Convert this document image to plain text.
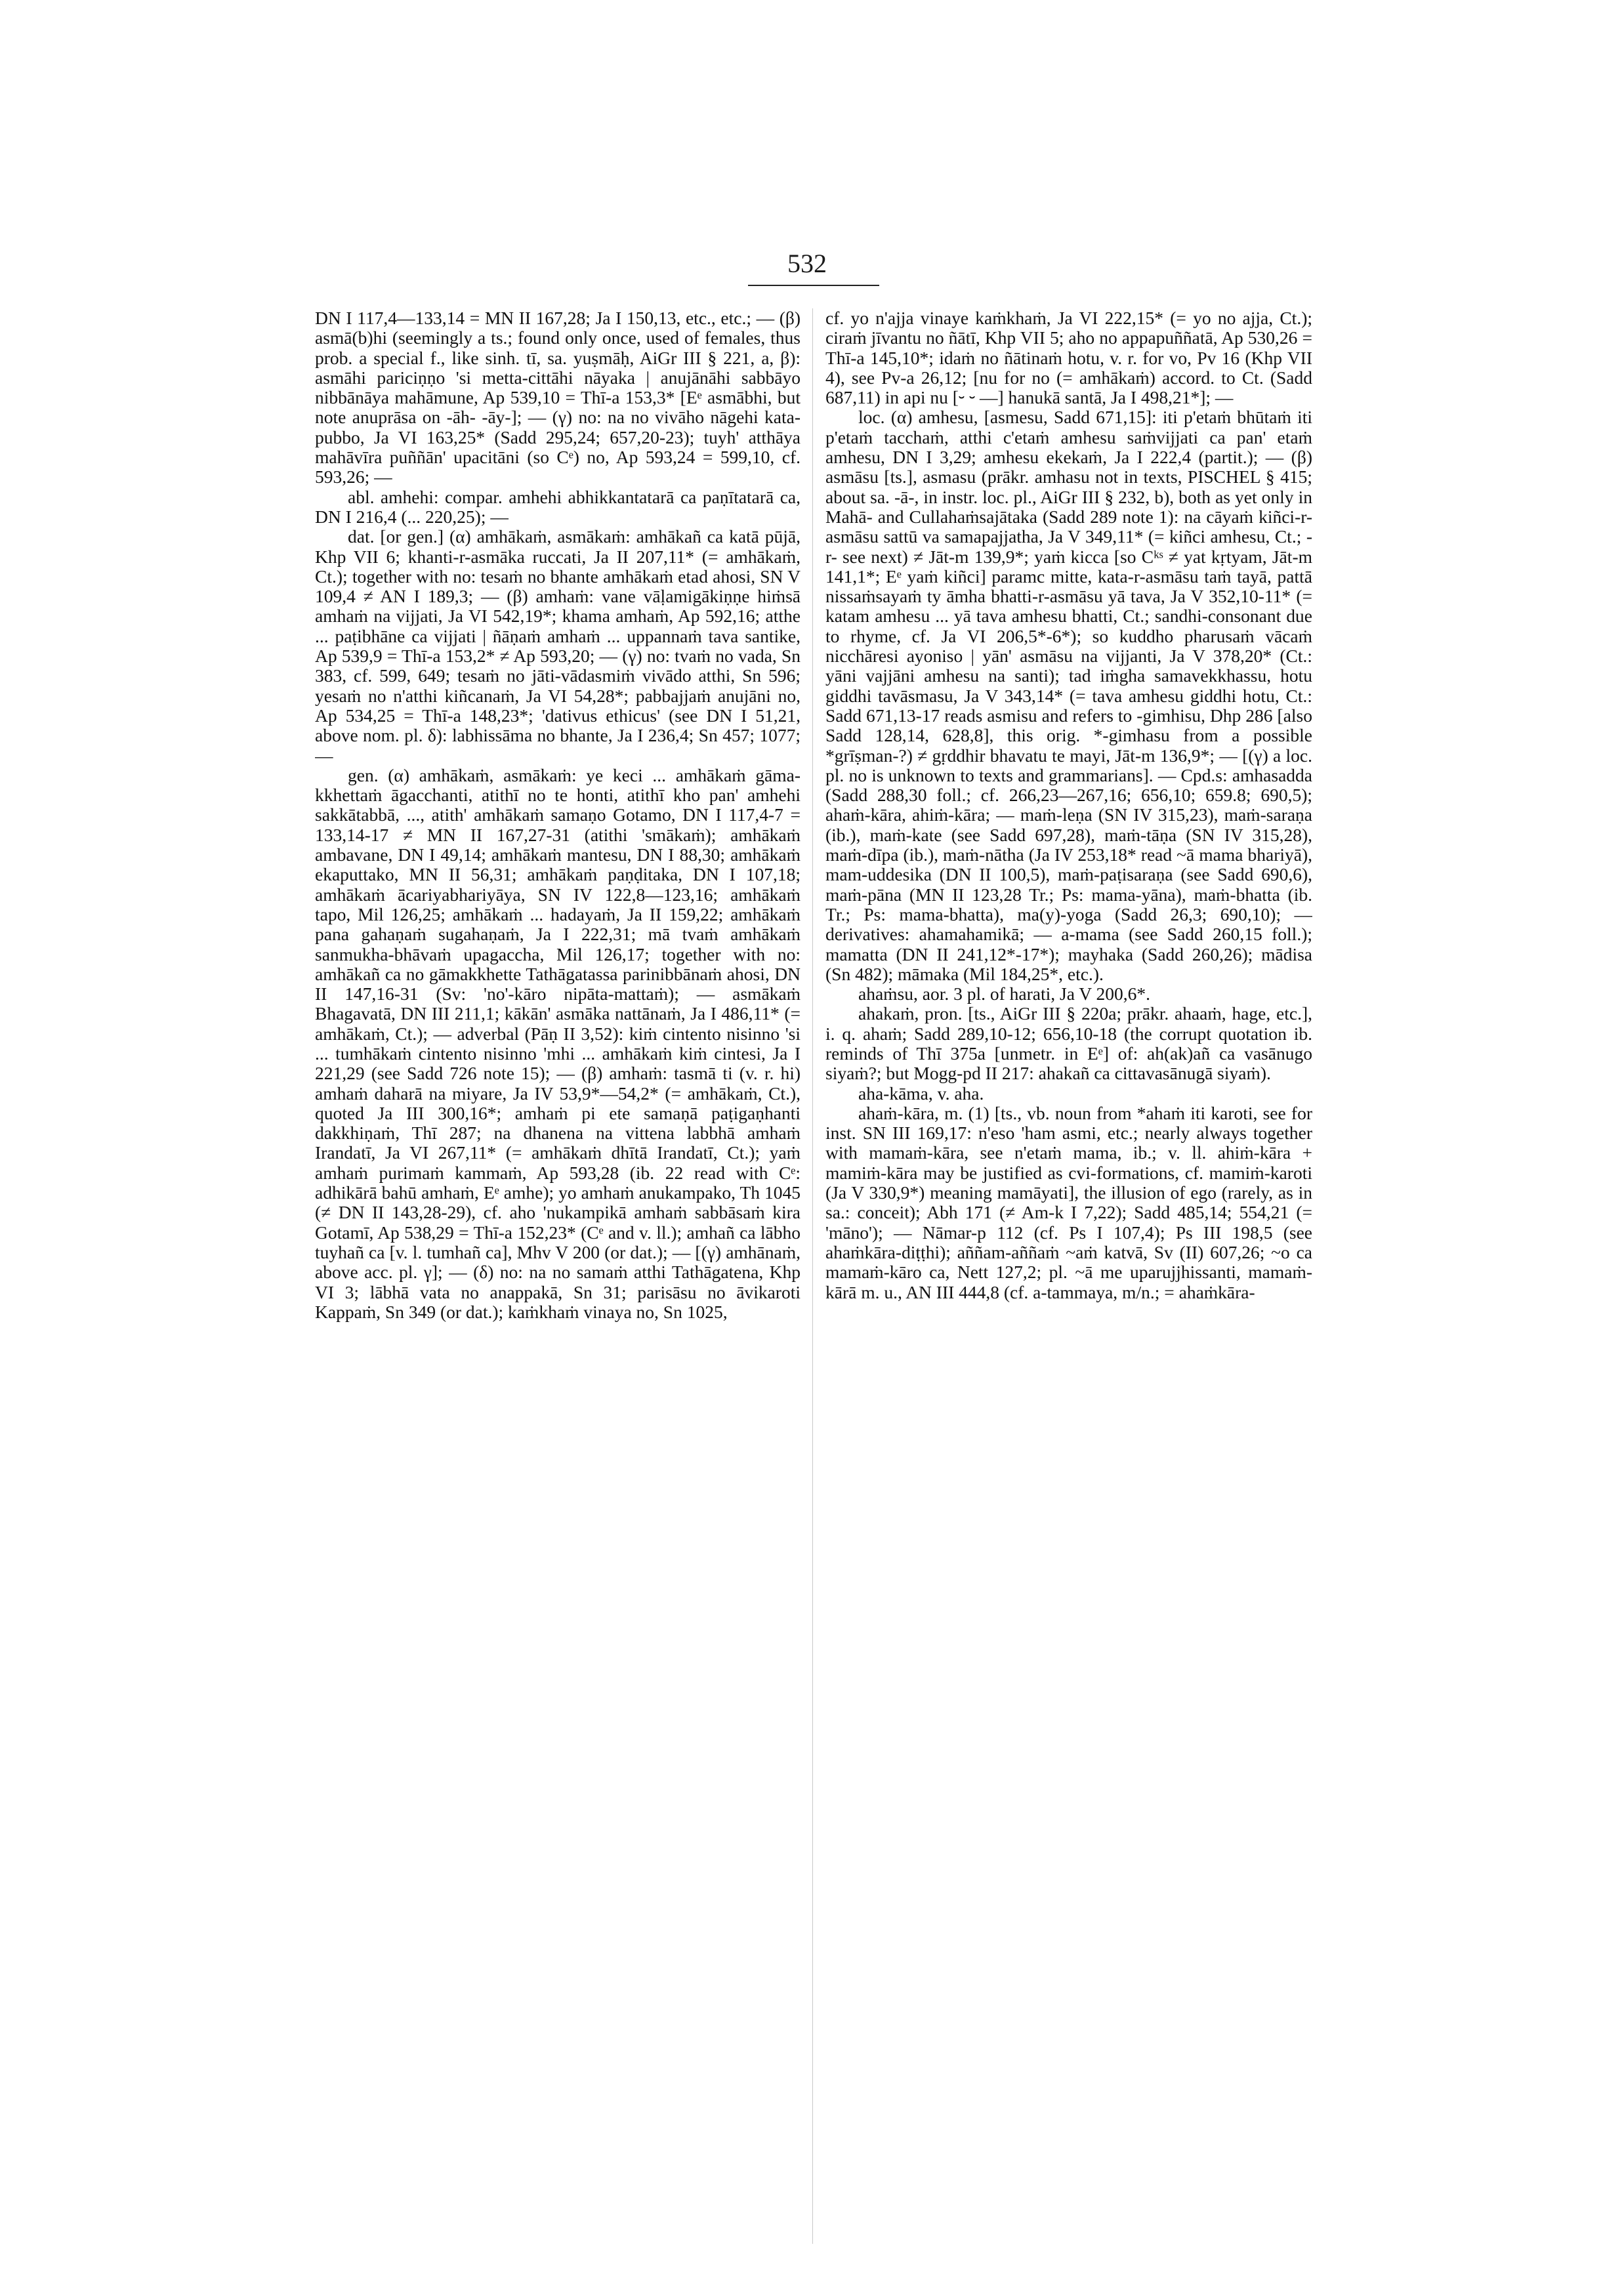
532

DN I 117,4—133,14 = MN II 167,28; Ja I 150,13, etc., etc.; — (β) asmā(b)hi (seemingly a ts.; found only once, used of females, thus prob. a special f., like sinh. tī, sa. yuṣmāḥ, AiGr III § 221, a, β): asmāhi pariciṇṇo 'si metta-cittāhi nāyaka | anujānāhi sabbāyo nibbānāya mahāmune, Ap 539,10 = Thī-a 153,3* [Eᵉ asmābhi, but note anuprāsa on -āh- -āy-]; — (γ) no: na no vivāho nāgehi kata-pubbo, Ja VI 163,25* (Sadd 295,24; 657,20-23); tuyh' atthāya mahāvīra puññān' upacitāni (so Cᵉ) no, Ap 593,24 = 599,10, cf. 593,26; —

abl. amhehi: compar. amhehi abhikkantatarā ca paṇītatarā ca, DN I 216,4 (... 220,25); —

dat. [or gen.] (α) amhākaṁ, asmākaṁ: amhākañ ca katā pūjā, Khp VII 6; khanti-r-asmāka ruccati, Ja II 207,11* (= amhākaṁ, Ct.); together with no: tesaṁ no bhante amhākaṁ etad ahosi, SN V 109,4 ≠ AN I 189,3; — (β) amhaṁ: vane vāḷamigākiṇṇe hiṁsā amhaṁ na vijjati, Ja VI 542,19*; khama amhaṁ, Ap 592,16; atthe ... paṭibhāne ca vijjati | ñāṇaṁ amhaṁ ... uppannaṁ tava santike, Ap 539,9 = Thī-a 153,2* ≠ Ap 593,20; — (γ) no: tvaṁ no vada, Sn 383, cf. 599, 649; tesaṁ no jāti-vādasmiṁ vivādo atthi, Sn 596; yesaṁ no n'atthi kiñcanaṁ, Ja VI 54,28*; pabbajjaṁ anujāni no, Ap 534,25 = Thī-a 148,23*; 'dativus ethicus' (see DN I 51,21, above nom. pl. δ): labhissāma no bhante, Ja I 236,4; Sn 457; 1077; —

gen. (α) amhākaṁ, asmākaṁ: ye keci ... amhākaṁ gāma-kkhettaṁ āgacchanti, atithī no te honti, atithī kho pan' amhehi sakkātabbā, ..., atith' amhākaṁ samaṇo Gotamo, DN I 117,4-7 = 133,14-17 ≠ MN II 167,27-31 (atithi 'smākaṁ); amhākaṁ ambavane, DN I 49,14; amhākaṁ mantesu, DN I 88,30; amhākaṁ ekaputtako, MN II 56,31; amhākaṁ paṇḍitaka, DN I 107,18; amhākaṁ ācariyabhariyāya, SN IV 122,8—123,16; amhākaṁ tapo, Mil 126,25; amhākaṁ ... hadayaṁ, Ja II 159,22; amhākaṁ pana gahaṇaṁ sugahaṇaṁ, Ja I 222,31; mā tvaṁ amhākaṁ sanmukha-bhāvaṁ upagaccha, Mil 126,17; together with no: amhākañ ca no gāmakkhette Tathāgatassa parinibbānaṁ ahosi, DN II 147,16-31 (Sv: 'no'-kāro nipāta-mattaṁ); — asmākaṁ Bhagavatā, DN III 211,1; kākān' asmāka nattānaṁ, Ja I 486,11* (= amhākaṁ, Ct.); — adverbal (Pāṇ II 3,52): kiṁ cintento nisinno 'si ... tumhākaṁ cintento nisinno 'mhi ... amhākaṁ kiṁ cintesi, Ja I 221,29 (see Sadd 726 note 15); — (β) amhaṁ: tasmā ti (v. r. hi) amhaṁ daharā na miyare, Ja IV 53,9*—54,2* (= amhākaṁ, Ct.), quoted Ja III 300,16*; amhaṁ pi ete samaṇā paṭigaṇhanti dakkhiṇaṁ, Thī 287; na dhanena na vittena labbhā amhaṁ Irandatī, Ja VI 267,11* (= amhākaṁ dhītā Irandatī, Ct.); yaṁ amhaṁ purimaṁ kammaṁ, Ap 593,28 (ib. 22 read with Cᵉ: adhikārā bahū amhaṁ, Eᵉ amhe); yo amhaṁ anukampako, Th 1045 (≠ DN II 143,28-29), cf. aho 'nukampikā amhaṁ sabbāsaṁ kira Gotamī, Ap 538,29 = Thī-a 152,23* (Cᵉ and v. ll.); amhañ ca lābho tuyhañ ca [v. l. tumhañ ca], Mhv V 200 (or dat.); — [(γ) amhānaṁ, above acc. pl. γ]; — (δ) no: na no samaṁ atthi Tathāgatena, Khp VI 3; lābhā vata no anappakā, Sn 31; parisāsu no āvikaroti Kappaṁ, Sn 349 (or dat.); kaṁkhaṁ vinaya no, Sn 1025,

cf. yo n'ajja vinaye kaṁkhaṁ, Ja VI 222,15* (= yo no ajja, Ct.); ciraṁ jīvantu no ñātī, Khp VII 5; aho no appapuññatā, Ap 530,26 = Thī-a 145,10*; idaṁ no ñātinaṁ hotu, v. r. for vo, Pv 16 (Khp VII 4), see Pv-a 26,12; [nu for no (= amhākaṁ) accord. to Ct. (Sadd 687,11) in api nu [⏑ ⏑ —] hanukā santā, Ja I 498,21*]; —

loc. (α) amhesu, [asmesu, Sadd 671,15]: iti p'etaṁ bhūtaṁ iti p'etaṁ tacchaṁ, atthi c'etaṁ amhesu saṁvijjati ca pan' etaṁ amhesu, DN I 3,29; amhesu ekekaṁ, Ja I 222,4 (partit.); — (β) asmāsu [ts.], asmasu (prākr. amhasu not in texts, PISCHEL § 415; about sa. -ā-, in instr. loc. pl., AiGr III § 232, b), both as yet only in Mahā- and Cullahaṁsajātaka (Sadd 289 note 1): na cāyaṁ kiñci-r-asmāsu sattū va samapajjatha, Ja V 349,11* (= kiñci amhesu, Ct.; -r- see next) ≠ Jāt-m 139,9*; yaṁ kicca [so Cᵏˢ ≠ yat kṛtyam, Jāt-m 141,1*; Eᵉ yaṁ kiñci] paramc mitte, kata-r-asmāsu taṁ tayā, pattā nissaṁsayaṁ ty āmha bhatti-r-asmāsu yā tava, Ja V 352,10-11* (= katam amhesu ... yā tava amhesu bhatti, Ct.; sandhi-consonant due to rhyme, cf. Ja VI 206,5*-6*); so kuddho pharusaṁ vācaṁ nicchāresi ayoniso | yān' asmāsu na vijjanti, Ja V 378,20* (Ct.: yāni vajjāni amhesu na santi); tad iṁgha samavekkhassu, hotu giddhi tavāsmasu, Ja V 343,14* (= tava amhesu giddhi hotu, Ct.: Sadd 671,13-17 reads asmisu and refers to -gimhisu, Dhp 286 [also Sadd 128,14, 628,8], this orig. *-gimhasu from a possible *grīṣman-?) ≠ gṛddhir bhavatu te mayi, Jāt-m 136,9*; — [(γ) a loc. pl. no is unknown to texts and grammarians]. — Cpd.s: amhasadda (Sadd 288,30 foll.; cf. 266,23—267,16; 656,10; 659.8; 690,5); ahaṁ-kāra, ahiṁ-kāra; — maṁ-leṇa (SN IV 315,23), maṁ-saraṇa (ib.), maṁ-kate (see Sadd 697,28), maṁ-tāṇa (SN IV 315,28), maṁ-dīpa (ib.), maṁ-nātha (Ja IV 253,18* read ~ā mama bhariyā), mam-uddesika (DN II 100,5), maṁ-paṭisaraṇa (see Sadd 690,6), maṁ-pāna (MN II 123,28 Tr.; Ps: mama-yāna), maṁ-bhatta (ib. Tr.; Ps: mama-bhatta), ma(y)-yoga (Sadd 26,3; 690,10); — derivatives: ahamahamikā; — a-mama (see Sadd 260,15 foll.); mamatta (DN II 241,12*-17*); mayhaka (Sadd 260,26); mādisa (Sn 482); māmaka (Mil 184,25*, etc.).

ahaṁsu, aor. 3 pl. of harati, Ja V 200,6*.

ahakaṁ, pron. [ts., AiGr III § 220a; prākr. ahaaṁ, hage, etc.], i. q. ahaṁ; Sadd 289,10-12; 656,10-18 (the corrupt quotation ib. reminds of Thī 375a [unmetr. in Eᵉ] of: ah(ak)añ ca vasānugo siyaṁ?; but Mogg-pd II 217: ahakañ ca cittavasānugā siyaṁ).

aha-kāma, v. aha.

ahaṁ-kāra, m. (1) [ts., vb. noun from *ahaṁ iti karoti, see for inst. SN III 169,17: n'eso 'ham asmi, etc.; nearly always together with mamaṁ-kāra, see n'etaṁ mama, ib.; v. ll. ahiṁ-kāra + mamiṁ-kāra may be justified as cvi-formations, cf. mamiṁ-karoti (Ja V 330,9*) meaning mamāyati], the illusion of ego (rarely, as in sa.: conceit); Abh 171 (≠ Am-k I 7,22); Sadd 485,14; 554,21 (= 'māno'); — Nāmar-p 112 (cf. Ps I 107,4); Ps III 198,5 (see ahaṁkāra-diṭṭhi); aññam-aññaṁ ~aṁ katvā, Sv (II) 607,26; ~o ca mamaṁ-kāro ca, Nett 127,2; pl. ~ā me uparujjhissanti, mamaṁ-kārā m. u., AN III 444,8 (cf. a-tammaya, m/n.; = ahaṁkāra-
